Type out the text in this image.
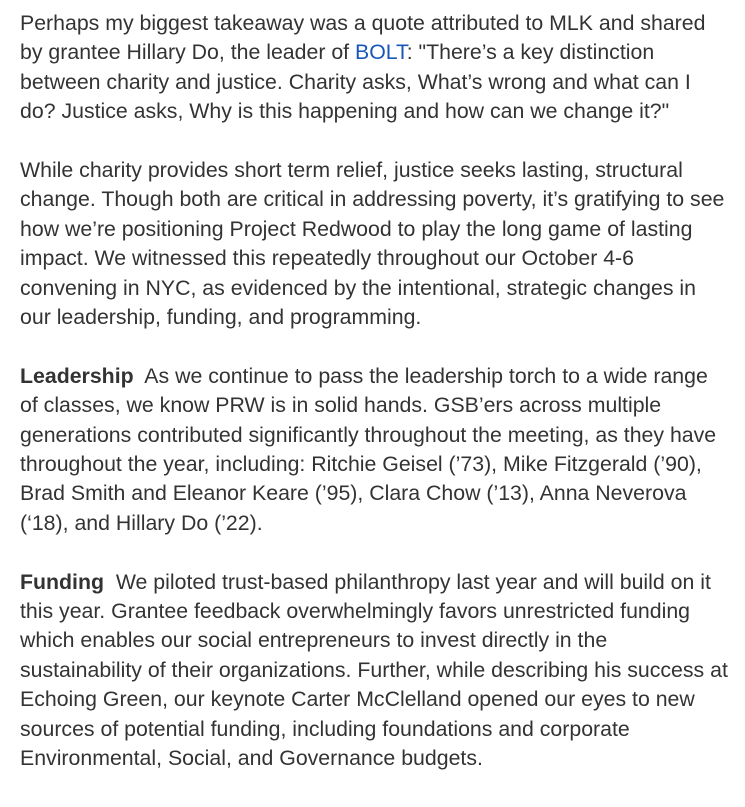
Perhaps my biggest takeaway was a quote attributed to MLK and shared by grantee Hillary Do, the leader of BOLT: "There’s a key distinction between charity and justice. Charity asks, What’s wrong and what can I do? Justice asks, Why is this happening and how can we change it?"

While charity provides short term relief, justice seeks lasting, structural change. Though both are critical in addressing poverty, it’s gratifying to see how we’re positioning Project Redwood to play the long game of lasting impact. We witnessed this repeatedly throughout our October 4-6 convening in NYC, as evidenced by the intentional, strategic changes in our leadership, funding, and programming.

Leadership As we continue to pass the leadership torch to a wide range of classes, we know PRW is in solid hands. GSB’ers across multiple generations contributed significantly throughout the meeting, as they have throughout the year, including: Ritchie Geisel (’73), Mike Fitzgerald (’90), Brad Smith and Eleanor Keare (’95), Clara Chow (’13), Anna Neverova (‘18), and Hillary Do (’22).

Funding We piloted trust-based philanthropy last year and will build on it this year. Grantee feedback overwhelmingly favors unrestricted funding which enables our social entrepreneurs to invest directly in the sustainability of their organizations. Further, while describing his success at Echoing Green, our keynote Carter McClelland opened our eyes to new sources of potential funding, including foundations and corporate Environmental, Social, and Governance budgets.
